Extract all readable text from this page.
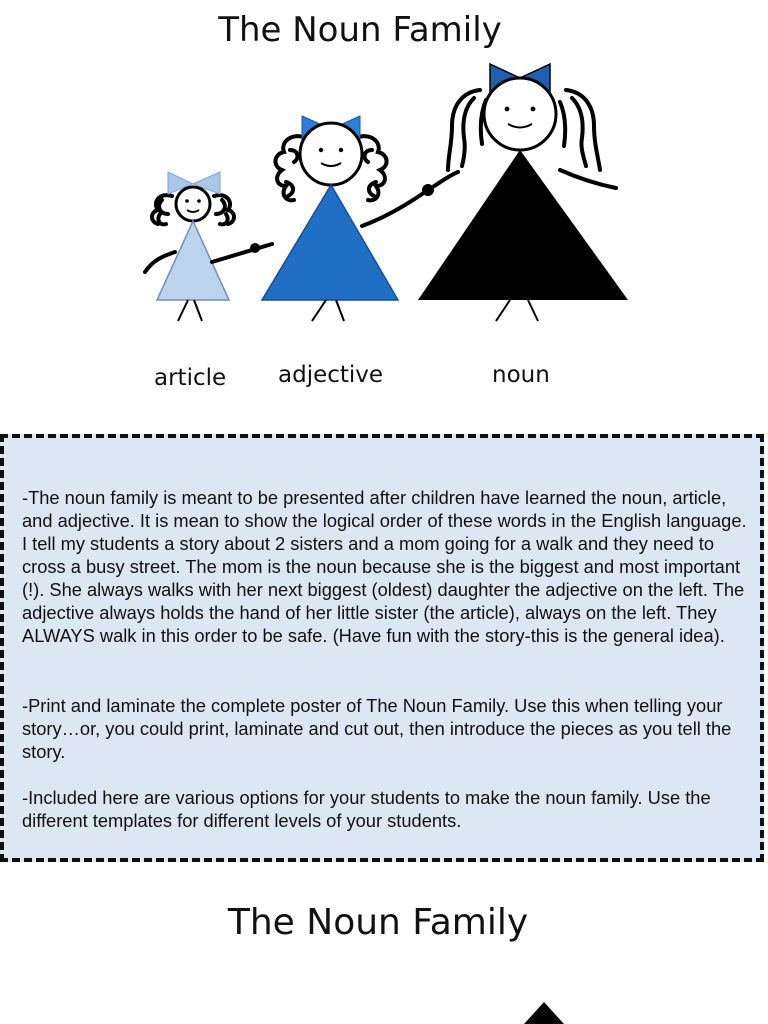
The Noun Family
article adjective	noun

-The noun family is meant to be presented after children have learned the noun, article, and adjective. It is mean to show the logical order of these words in the English language. I tell my students a story about 2 sisters and a mom going for a walk and they need to cross a busy street. The mom is the noun because she is the biggest and most important (!). She always walks with her next biggest (oldest) daughter the adjective on the left. The adjective always holds the hand of her little sister (the article), always on the left. They ALWAYS walk in this order to be safe. (Have fun with the story-this is the general idea).

-Print and laminate the complete poster of The Noun Family. Use this when telling your story…or, you could print, laminate and cut out, then introduce the pieces as you tell the story.

-Included here are various options for your students to make the noun family. Use the different templates for different levels of your students.

The Noun Family
